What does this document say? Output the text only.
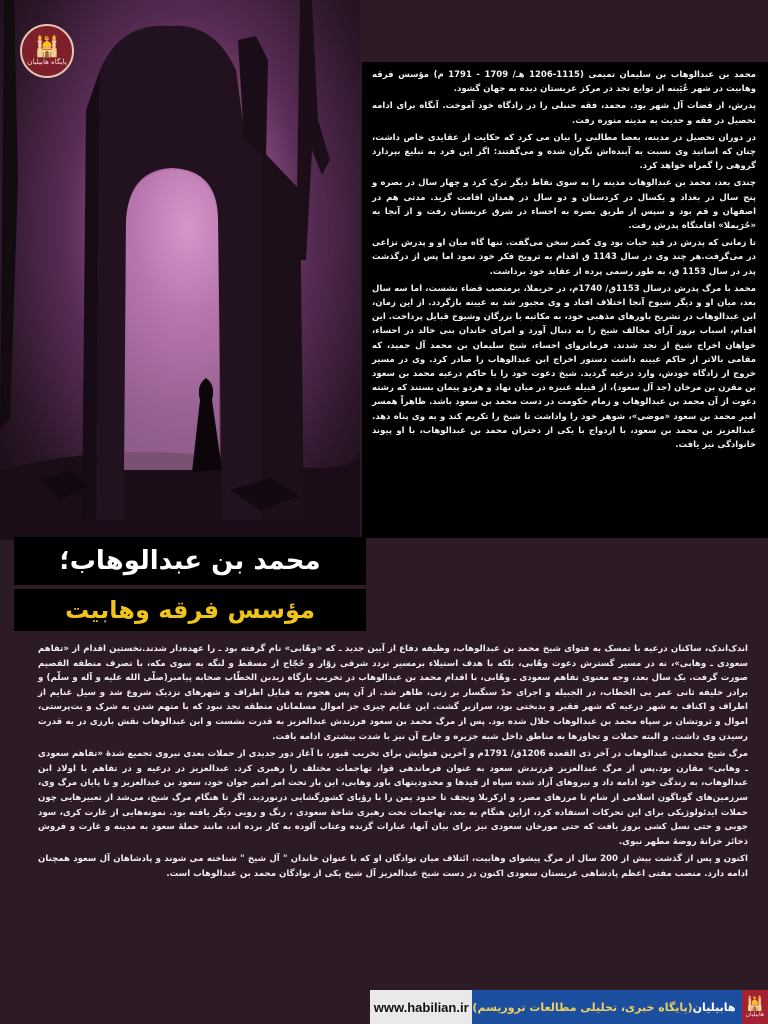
🕌
پایگاه هابیلیان

محمد بن عبدالوهاب بن سلیمان تمیمی (1115-1206 هـ/ 1709 - 1791 م) مؤسس فرقه وهابیت در شهر عُیَینه از توابع نجد در مرکز عربستان دیده به جهان گشود.

پدرش، از قضات آل شهر بود. محمد، فقه حنبلی را در زادگاه خود آموخت. آنگاه برای ادامه تحصیل در فقه و حدیث به مدینه منوره رفت.

در دوران تحصیل در مدینه، بعضا مطالبی را بیان می کرد که حکایت از عقایدی خاص داشت، چنان که اساتید وی نسبت به آینده‌اش نگران شده و می‌گفتند: اگر این فرد به تبلیغ بپردازد گروهی را گمراه خواهد کرد.

چندی بعد، محمد بن عبدالوهاب مدینه را به سوی نقاط دیگر ترک کرد و چهار سال در بصره و پنج سال در بغداد و یکسال در کردستان و دو سال در همدان اقامت گزید. مدتی هم در اصفهان و قم بود و سپس از طریق بصره به احساء در شرق عربستان رفت و از آنجا به «حُرَیملا» اقامتگاه پدرش رفت.

تا زمانی که پدرش در قید حیات بود وی کمتر سخن می‌گفت. تنها گاه میان او و پدرش نزاعی در می‌گرفت.هر چند وی در سال 1143 ق اقدام به ترویج فکر خود نمود اما پس از درگذشت پدر در سال 1153 ق، به طور رسمی پرده از عقاید خود برداشت.

محمد با مرگ پدرش درسال 1153ق/ 1740م، در حریملا، برمنصب قضاء نشست، اما سه سال بعد، میان او و دیگر شیوخ آنجا اختلاف افتاد و وی مجبور شد به عیینه بازگردد. از این زمان، ابن عبدالوهاب در تشریح باورهای مذهبی خود، به مکاتبه با بزرگان وشیوخ قبایل پرداخت. این اقدام، اسباب بروز آرای مخالف شیخ را به دنبال آورد و امرای خاندان بنی خالد در احساء، خواهان اخراج شیخ از نجد شدند. فرمانروای احساء، شیخ سلیمان بن محمد آل حمید، که مقامی بالاتر از حاکم عیینه داشت دستور اخراج ابن عبدالوهاب را صادر کرد. وی در مسیر خروج از زادگاه خودش، وارد درعیه گردید. شیخ دعوت خود را با حاکم درعیه محمد بن سعود بن مقرن بن مرخان (جد آل سعود)، از قبیله عنیزه در میان نهاد و هردو پیمان بستند که رشته دعوت از آن محمد بن عبدالوهاب و زمام حکومت در دست محمد بن سعود باشد. ظاهراً همسر امیر محمد بن سعود «موضی»، شوهر خود را واداشت تا شیخ را تکریم کند و به وی پناه دهد. عبدالعزیز بن محمد بن سعود، با ازدواج با یکی از دختران محمد بن عبدالوهاب، با او پیوند خانوادگی نیز یافت.

محمد بن عبدالوهاب؛
مؤسس فرقه وهابیت

اندک‌اندک، ساکنان درعیه با تمسک به فتوای شیخ محمد بن عبدالوهاب، وظیفه دفاع از آیین جدید ـ که «وهّابی» نام گرفته بود ـ را عهده‌دار شدند.نخستین اقدام از «تفاهم سعودی ـ وهابی»، نه در مسیر گسترش دعوت وهّابی، بلکه با هدف استیلاء برمسیر تردد شرقی زوّار و حُجّاج از مسقط و لنگه به سوی مکه، با تصرف منطقه القصیم صورت گرفت. یک سال بعد، وجه معنوی تفاهم سعودی ـ وهّابی، با اقدام محمد بن عبدالوهاب در تخریب بارگاه زیدبن الخطّاب صحابه پیامبر(صلّی الله علیه و آله و سلّم) و برادر خلیفه ثانی عمر بی الخطاب، در الجبیله و اجرای حدّ سنگسار بر زنی، ظاهر شد. از آن پس هجوم به قبایل اطراف و شهرهای نزدیک شروع شد و سیل غنایم از اطراف و اکناف به شهر درعیه که شهر فقیر و بدبختی بود، سرازیر گشت. این غنایم چیزی جز اموال مسلمانان منطقه نجد نبود که با متهم شدن به شرک و بت‌پرستی، اموال و ثروتشان بر سپاه محمد بن عبدالوهاب حلال شده بود. پس از مرگ محمد بن سعود فرزندش عبدالعزیز به قدرت نشست و ابن عبدالوهاب نقش بارزی در به قدرت رسیدن وی داشت. و البته حملات و تجاوزها به مناطق داخل شبه جزیره و خارج آن نیز با شدت بیشتری ادامه یافت.

مرگ شیخ محمدبن عبدالوهاب در آخر ذی القعده 1206ق/ 1791م و آخرین فتوایش برای تخریب قبور، با آغاز دور جدیدی از حملات بعدی نیروی تجمیع شدهٔ «تفاهم سعودی ـ وهابی» مقارن بود.پس از مرگ عبدالعزیز فرزندش سعود به عنوان فرماندهی قوا، تهاجمات مختلف را رهبری کرد. عبدالعزیز در درعیه و در تفاهم با اولاد ابن عبدالوهاب، به زندگی خود ادامه داد و نیروهای آزاد شده سپاه از قیدها و محدودیتهای باور وهابی، این بار تحت امر امیر جوان خود، سعود بن عبدالعزیز و تا پایان مرگ وی، سرزمین‌های گوناگون اسلامی از شام تا مرزهای مصر، و ازکربلا ونجف تا حدود یمن را با رؤیای کشورگشایی درنوردید. اگر تا هنگام مرگ شیخ، می‌شد از تعبیرهایی چون حملات ایدئولوژیکی برای این تحرکات استفاده کرد، ازاین هنگام به بعد، تهاجمات تحت رهبری شاخهٔ سعودی ، رنگ و رویی دیگر یافته بود. نمونه‌هایی از غارت کری، سود جویی و حتی نسل کشی بروز یافت که حتی مورخان سعودی نیز برای بیان آنها، عبارات گزنده وعتاب آلوده به کار برده اند، مانند حملهٔ سعود به مدینه و غارت و فروش ذخائر خزانهٔ روضهٔ مطهر نبوی.

اکنون و پس از گذشت بیش از 200 سال از مرگ پیشوای وهابیت، ائتلاف میان نوادگان او که با عنوان خاندان " آل شیخ " شناخته می شوند و پادشاهان آل سعود همچنان ادامه دارد. منصب مفتی اعظم پادشاهی عربستان سعودی اکنون در دست شیخ عبدالعزیز آل شیخ یکی از نوادگان محمد بن عبدالوهاب است.

www.habilian.ir	هابیلیان
(پایگاه خبری، تحلیلی مطالعات تروریسم)	🕌
هابیلیان
